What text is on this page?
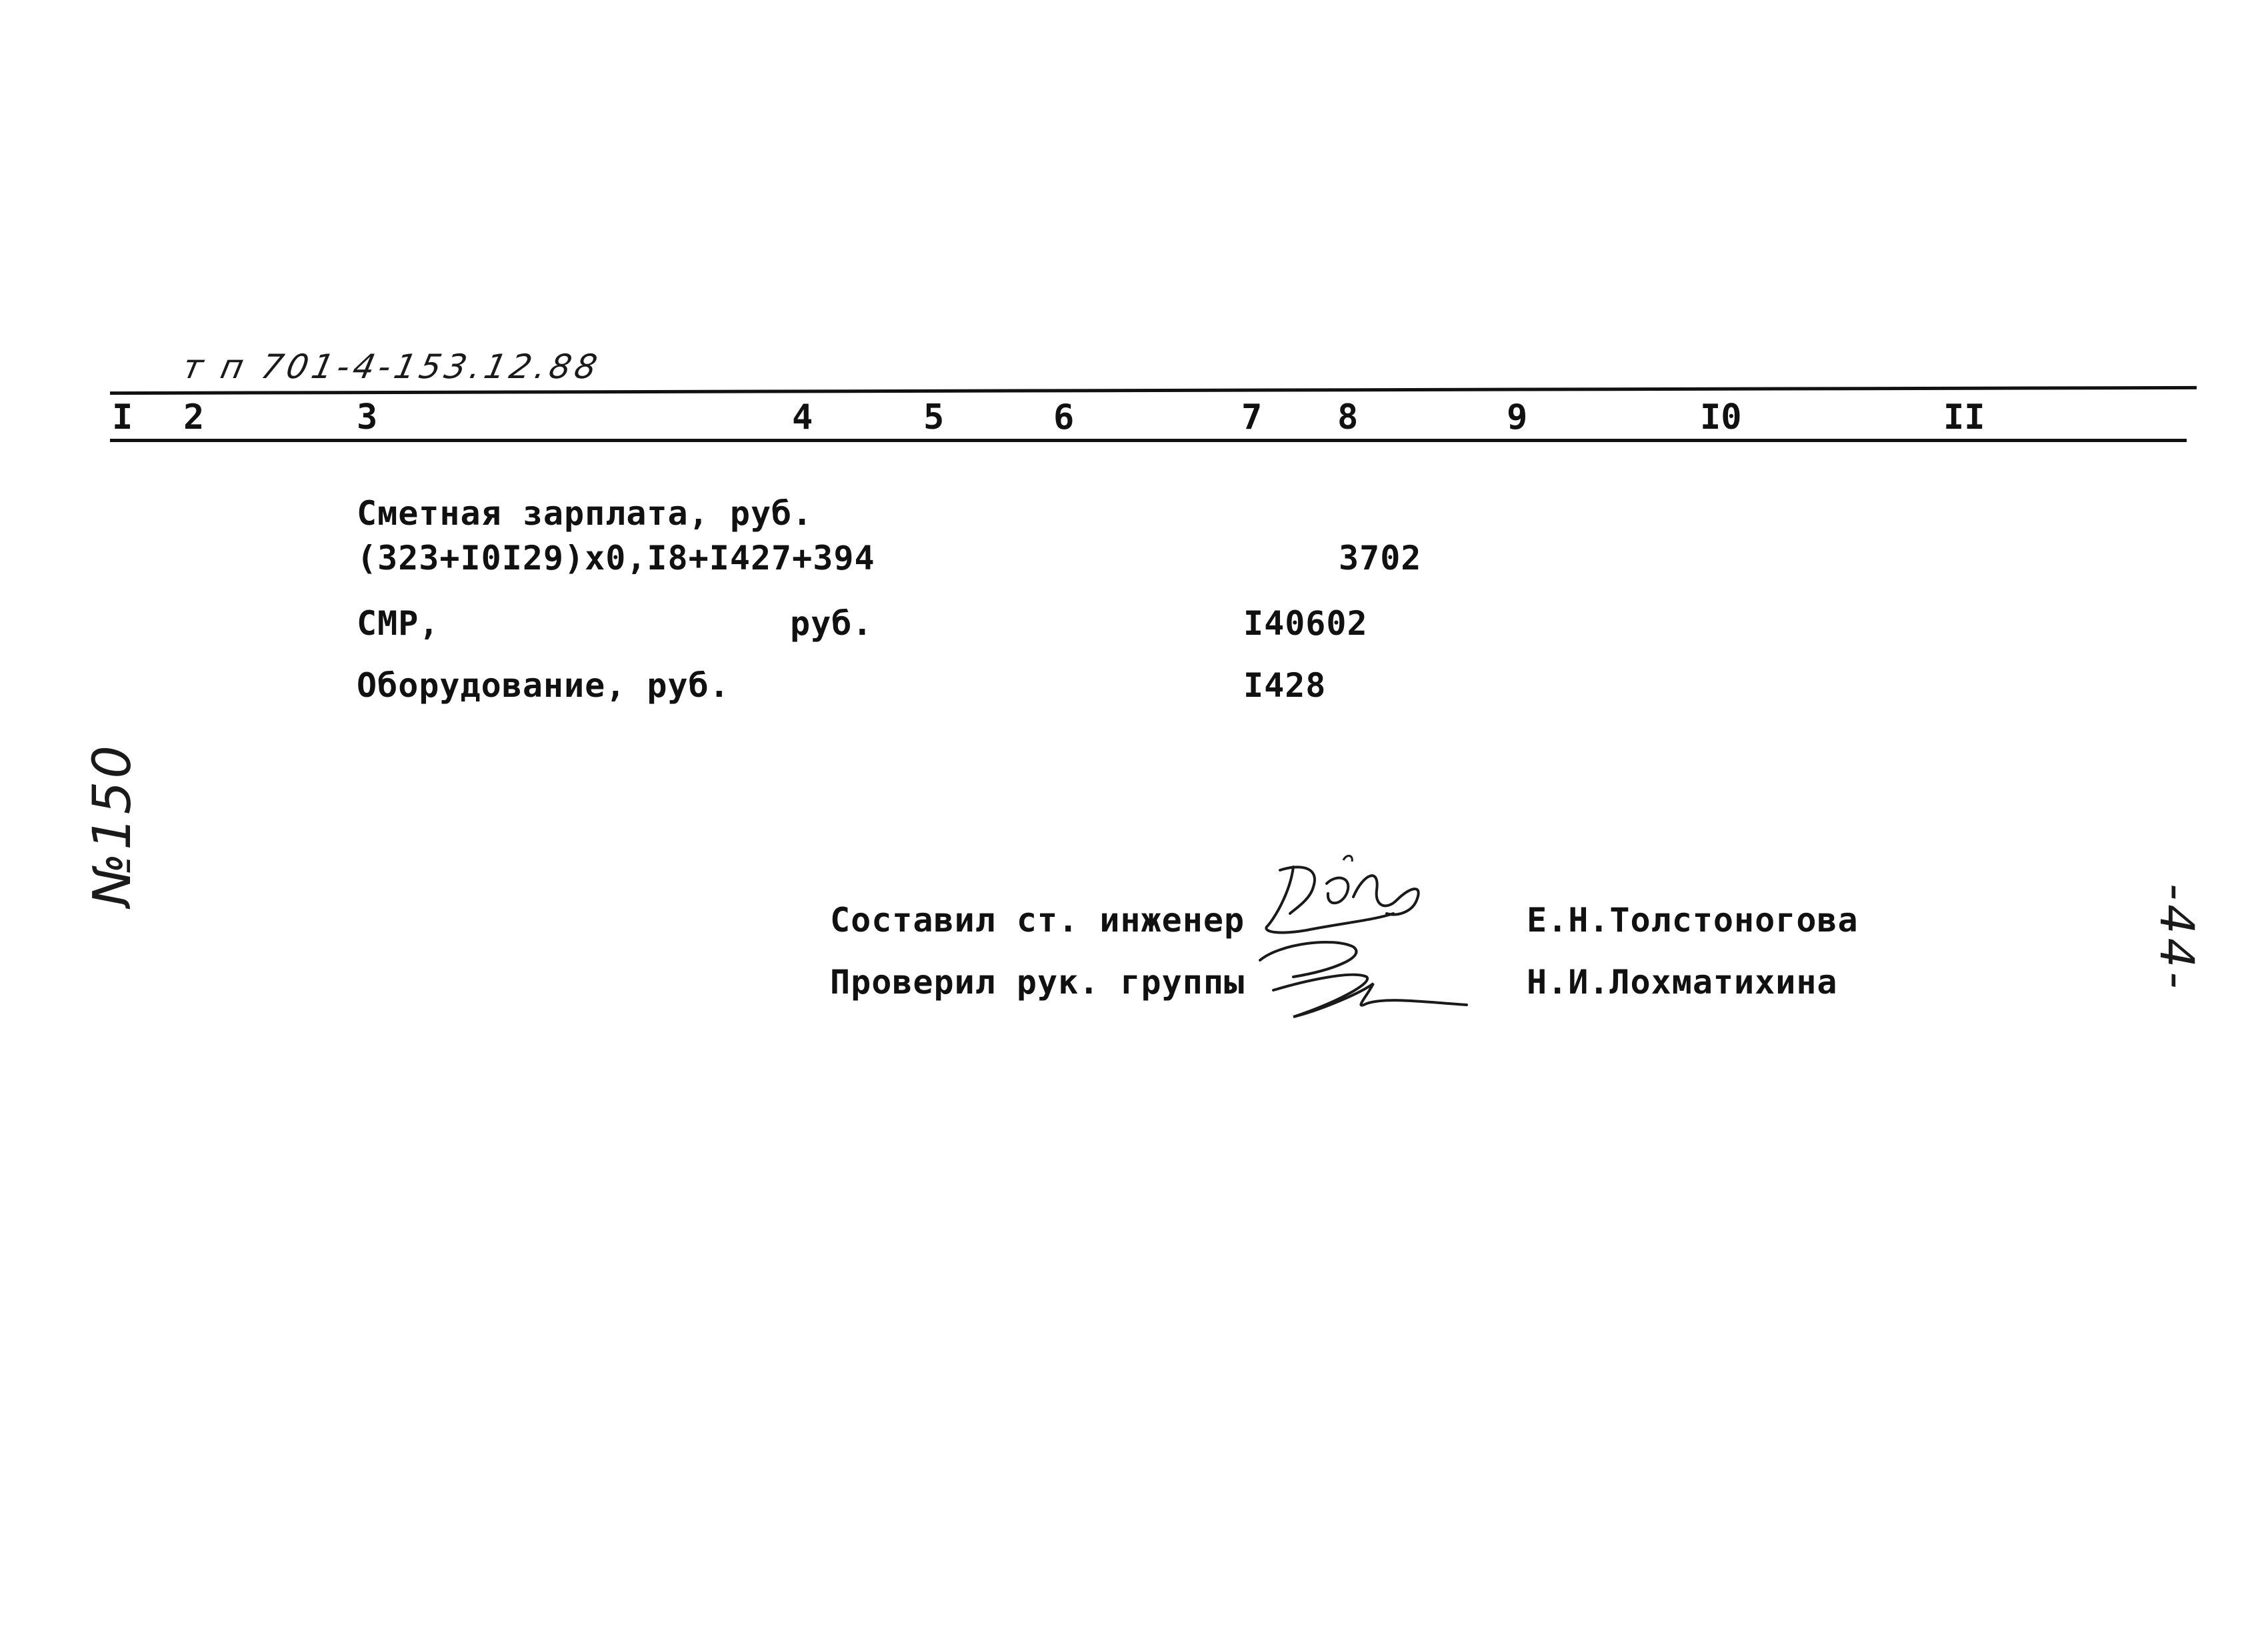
т п 701-4-153.12.88
I 2	3	4	5	6	7 8	9	I0	II
Сметная зарплата, руб.
(323+I0I29)x0,I8+I427+394	3702
СМР,	руб.	I40602
Оборудование, руб.	I428
Составил ст. инженер	Е.Н.Толстоногова
Проверил рук. группы	Н.И.Лохматихина
№150
-44-
